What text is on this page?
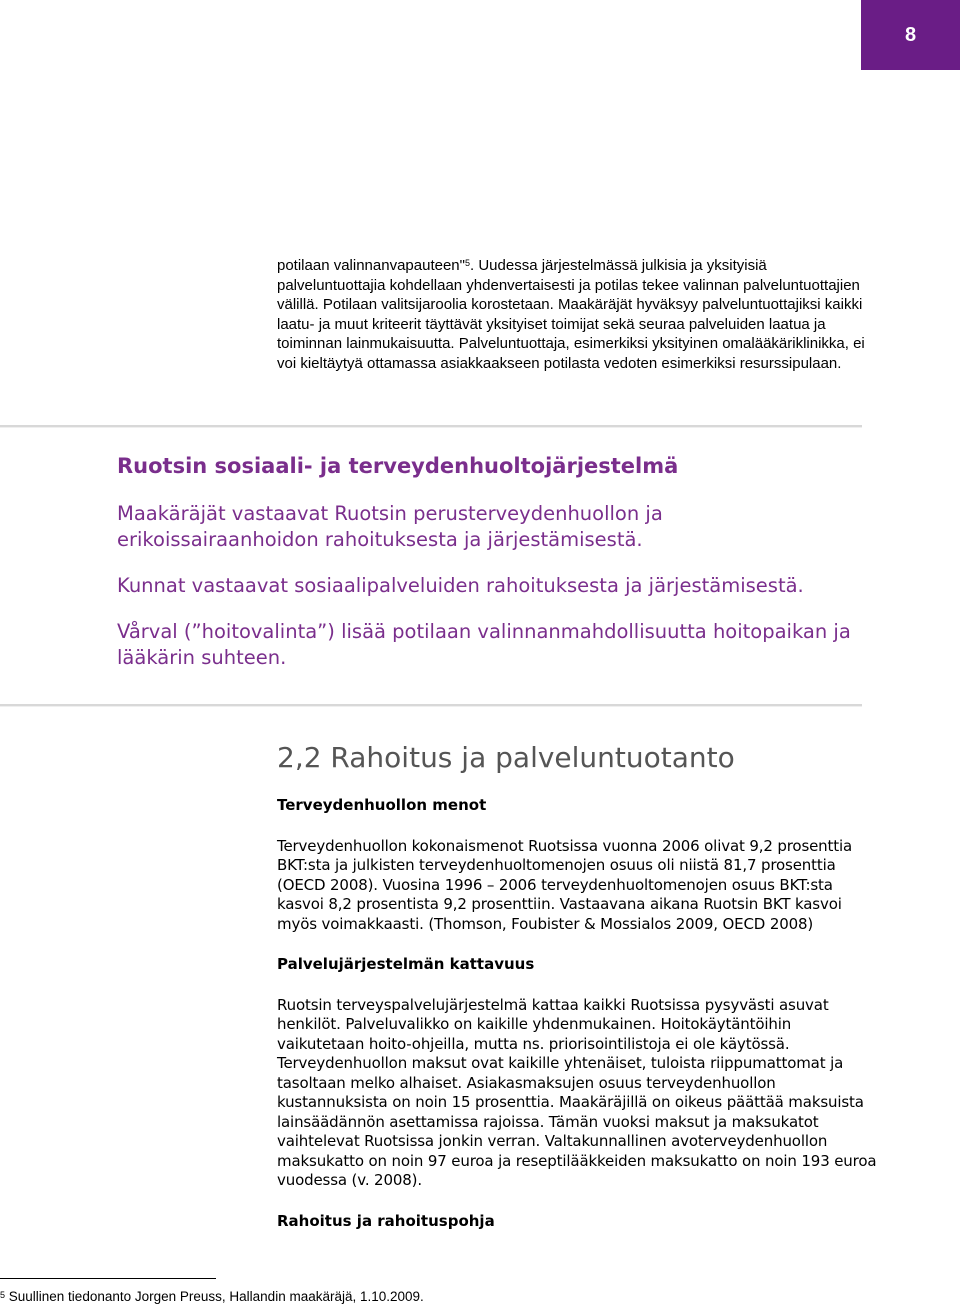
8

potilaan valinnanvapauteen"$^5$. Uudessa järjestelmässä julkisia ja yksityisiä palveluntuottajia kohdellaan yhdenvertaisesti ja potilas tekee valinnan palveluntuottajien välillä. Potilaan valitsijaroolia korostetaan. Maakäräjät hyväksyy palveluntuottajiksi kaikki laatu- ja muut kriteerit täyttävät yksityiset toimijat sekä seuraa palveluiden laatua ja toiminnan lainmukaisuutta. Palveluntuottaja, esimerkiksi yksityinen omalääkäriklinikka, ei voi kieltäytyä ottamassa asiakkaakseen potilasta vedoten esimerkiksi resurssipulaan.

Ruotsin sosiaali- ja terveydenhuoltojärjestelmä

Maakäräjät vastaavat Ruotsin perusterveydenhuollon ja erikoissairaanhoidon rahoituksesta ja järjestämisestä.

Kunnat vastaavat sosiaalipalveluiden rahoituksesta ja järjestämisestä.

Vårval (”hoitovalinta”) lisää potilaan valinnanmahdollisuutta hoitopaikan ja lääkärin suhteen.

2,2 Rahoitus ja palveluntuotanto
Terveydenhuollon menot

Terveydenhuollon kokonaismenot Ruotsissa vuonna 2006 olivat 9,2 prosenttia BKT:sta ja julkisten terveydenhuoltomenojen osuus oli niistä 81,7 prosenttia (OECD 2008). Vuosina 1996 – 2006 terveydenhuoltomenojen osuus BKT:sta kasvoi 8,2 prosentista 9,2 prosenttiin. Vastaavana aikana Ruotsin BKT kasvoi myös voimakkaasti. (Thomson, Foubister & Mossialos 2009, OECD 2008)

Palvelujärjestelmän kattavuus

Ruotsin terveyspalvelujärjestelmä kattaa kaikki Ruotsissa pysyvästi asuvat henkilöt. Palveluvalikko on kaikille yhdenmukainen. Hoitokäytäntöihin vaikutetaan hoito-ohjeilla, mutta ns. priorisointilistoja ei ole käytössä. Terveydenhuollon maksut ovat kaikille yhtenäiset, tuloista riippumattomat ja tasoltaan melko alhaiset. Asiakasmaksujen osuus terveydenhuollon kustannuksista on noin 15 prosenttia. Maakäräjillä on oikeus päättää maksuista lainsäädännön asettamissa rajoissa. Tämän vuoksi maksut ja maksukatot vaihtelevat Ruotsissa jonkin verran. Valtakunnallinen avoterveydenhuollon maksukatto on noin 97 euroa ja reseptilääkkeiden maksukatto on noin 193 euroa vuodessa (v. 2008).

Rahoitus ja rahoituspohja
$^5$ Suullinen tiedonanto Jorgen Preuss, Hallandin maakäräjä, 1.10.2009.
